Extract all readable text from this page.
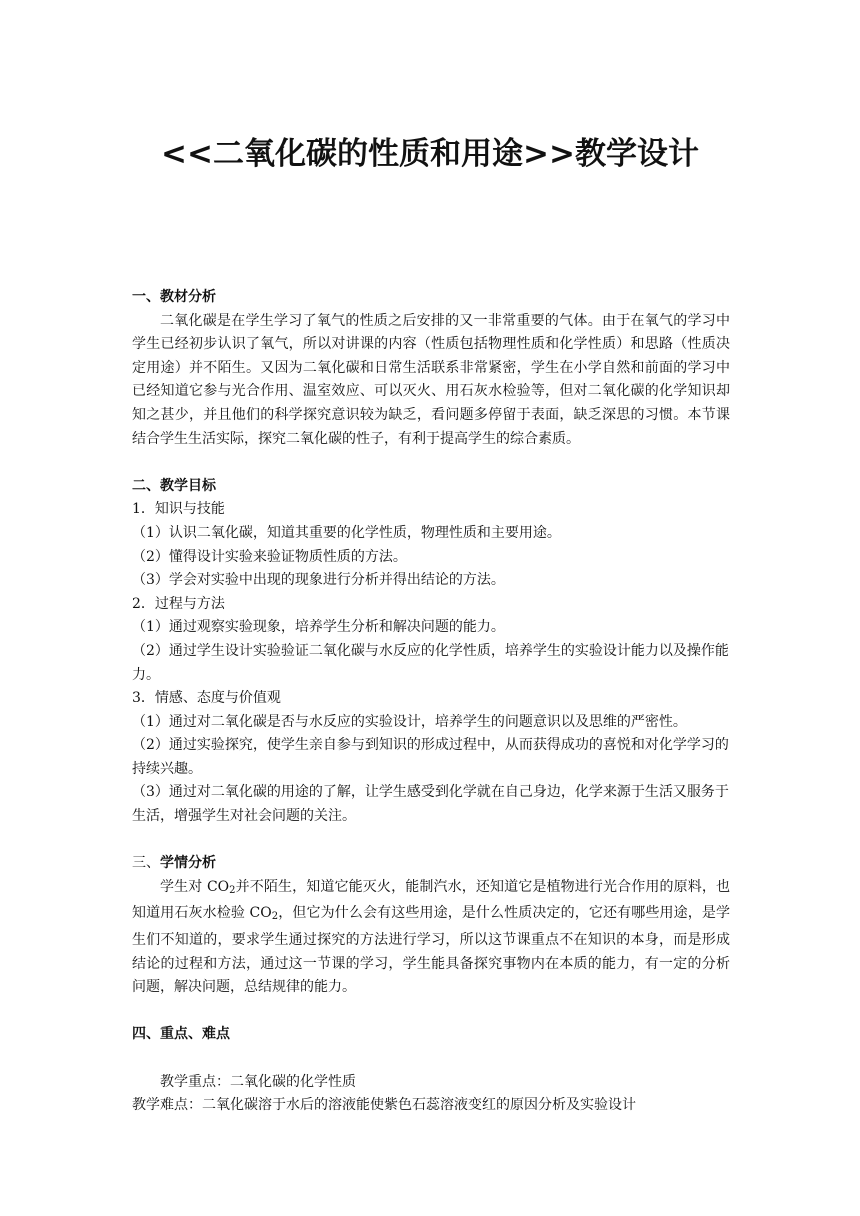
<<二氧化碳的性质和用途>>教学设计
一、教材分析

二氧化碳是在学生学习了氧气的性质之后安排的又一非常重要的气体。由于在氧气的学习中学生已经初步认识了氧气，所以对讲课的内容（性质包括物理性质和化学性质）和思路（性质决定用途）并不陌生。又因为二氧化碳和日常生活联系非常紧密，学生在小学自然和前面的学习中已经知道它参与光合作用、温室效应、可以灭火、用石灰水检验等，但对二氧化碳的化学知识却知之甚少，并且他们的科学探究意识较为缺乏，看问题多停留于表面，缺乏深思的习惯。本节课结合学生生活实际，探究二氧化碳的性子，有利于提高学生的综合素质。

二、教学目标
1．知识与技能
（1）认识二氧化碳，知道其重要的化学性质，物理性质和主要用途。
（2）懂得设计实验来验证物质性质的方法。
（3）学会对实验中出现的现象进行分析并得出结论的方法。
2．过程与方法
（1）通过观察实验现象，培养学生分析和解决问题的能力。
（2）通过学生设计实验验证二氧化碳与水反应的化学性质，培养学生的实验设计能力以及操作能力。
3．情感、态度与价值观
（1）通过对二氧化碳是否与水反应的实验设计，培养学生的问题意识以及思维的严密性。
（2）通过实验探究，使学生亲自参与到知识的形成过程中，从而获得成功的喜悦和对化学学习的持续兴趣。
（3）通过对二氧化碳的用途的了解，让学生感受到化学就在自己身边，化学来源于生活又服务于生活，增强学生对社会问题的关注。
三、学情分析

学生对 $CO_2$并不陌生，知道它能灭火，能制汽水，还知道它是植物进行光合作用的原料，也知道用石灰水检验 $CO_2$，但它为什么会有这些用途，是什么性质决定的，它还有哪些用途，是学生们不知道的，要求学生通过探究的方法进行学习，所以这节课重点不在知识的本身，而是形成结论的过程和方法，通过这一节课的学习，学生能具备探究事物内在本质的能力，有一定的分析问题，解决问题，总结规律的能力。

四、重点、难点
教学重点：二氧化碳的化学性质
教学难点：二氧化碳溶于水后的溶液能使紫色石蕊溶液变红的原因分析及实验设计
